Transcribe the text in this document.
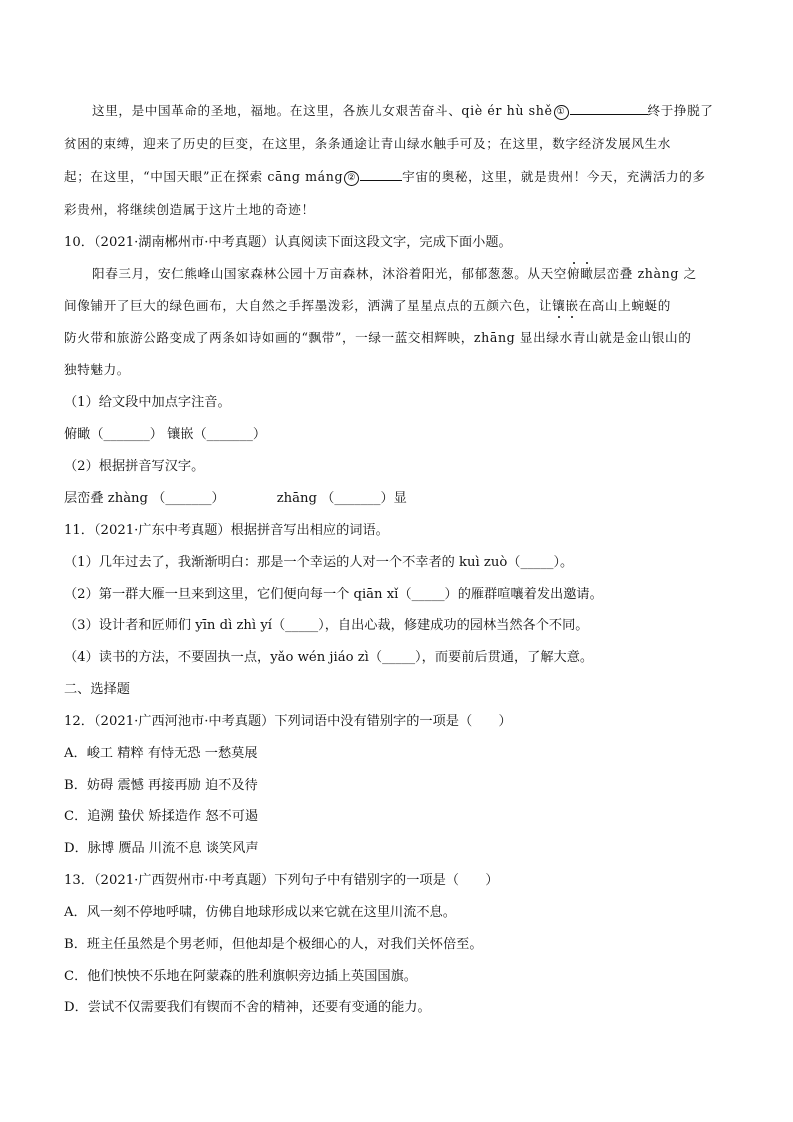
这里，是中国革命的圣地，福地。在这里，各族儿女艰苦奋斗、qiè ér hù shě ①	终于挣脱了
贫困的束缚，迎来了历史的巨变，在这里，条条通途让青山绿水触手可及；在这里，数字经济发展风生水
起；在这里，“中国天眼”正在探索 cāng máng ②	宇宙的奥秘，这里，就是贵州！今天，充满活力的多
彩贵州，将继续创造属于这片土地的奇迹！
10．（2021·湖南郴州市·中考真题）认真阅读下面这段文字，完成下面小题。
阳春三月，安仁熊峰山国家森林公园十万亩森林，沐浴着阳光，郁郁葱葱。从天空俯瞰层峦叠 zhàng 之
间像铺开了巨大的绿色画布，大自然之手挥墨泼彩，洒满了星星点点的五颜六色，让镶嵌在高山上蜿蜒的
防火带和旅游公路变成了两条如诗如画的“飘带”，一绿一蓝交相辉映，zhāng 显出绿水青山就是金山银山的
独特魅力。
（1）给文段中加点字注音。
俯瞰（_______） 镶嵌（_______）
（2）根据拼音写汉字。
层峦叠 zhàng （_______）	zhāng （_______）显
11．（2021·广东中考真题）根据拼音写出相应的词语。
（1）几年过去了，我渐渐明白：那是一个幸运的人对一个不幸者的 kuì zuò（_____）。
（2）第一群大雁一旦来到这里，它们便向每一个 qiān xǐ（_____）的雁群喧嚷着发出邀请。
（3）设计者和匠师们 yīn dì zhì yí（_____），自出心裁，修建成功的园林当然各个不同。
（4）读书的方法，不要固执一点，yǎo wén jiáo zì（_____），而要前后贯通，了解大意。
二、选择题
12．（2021·广西河池市·中考真题）下列词语中没有错别字的一项是（　　）
A．峻工 精粹 有恃无恐 一愁莫展
B．妨碍 震憾 再接再励 迫不及待
C．追溯 蛰伏 矫揉造作 怒不可遏
D．脉博 赝品 川流不息 谈笑风声
13．（2021·广西贺州市·中考真题）下列句子中有错别字的一项是（　　）
A．风一刻不停地呼啸，仿佛自地球形成以来它就在这里川流不息。
B．班主任虽然是个男老师，但他却是个极细心的人，对我们关怀倍至。
C．他们怏怏不乐地在阿蒙森的胜利旗帜旁边插上英国国旗。
D．尝试不仅需要我们有锲而不舍的精神，还要有变通的能力。
